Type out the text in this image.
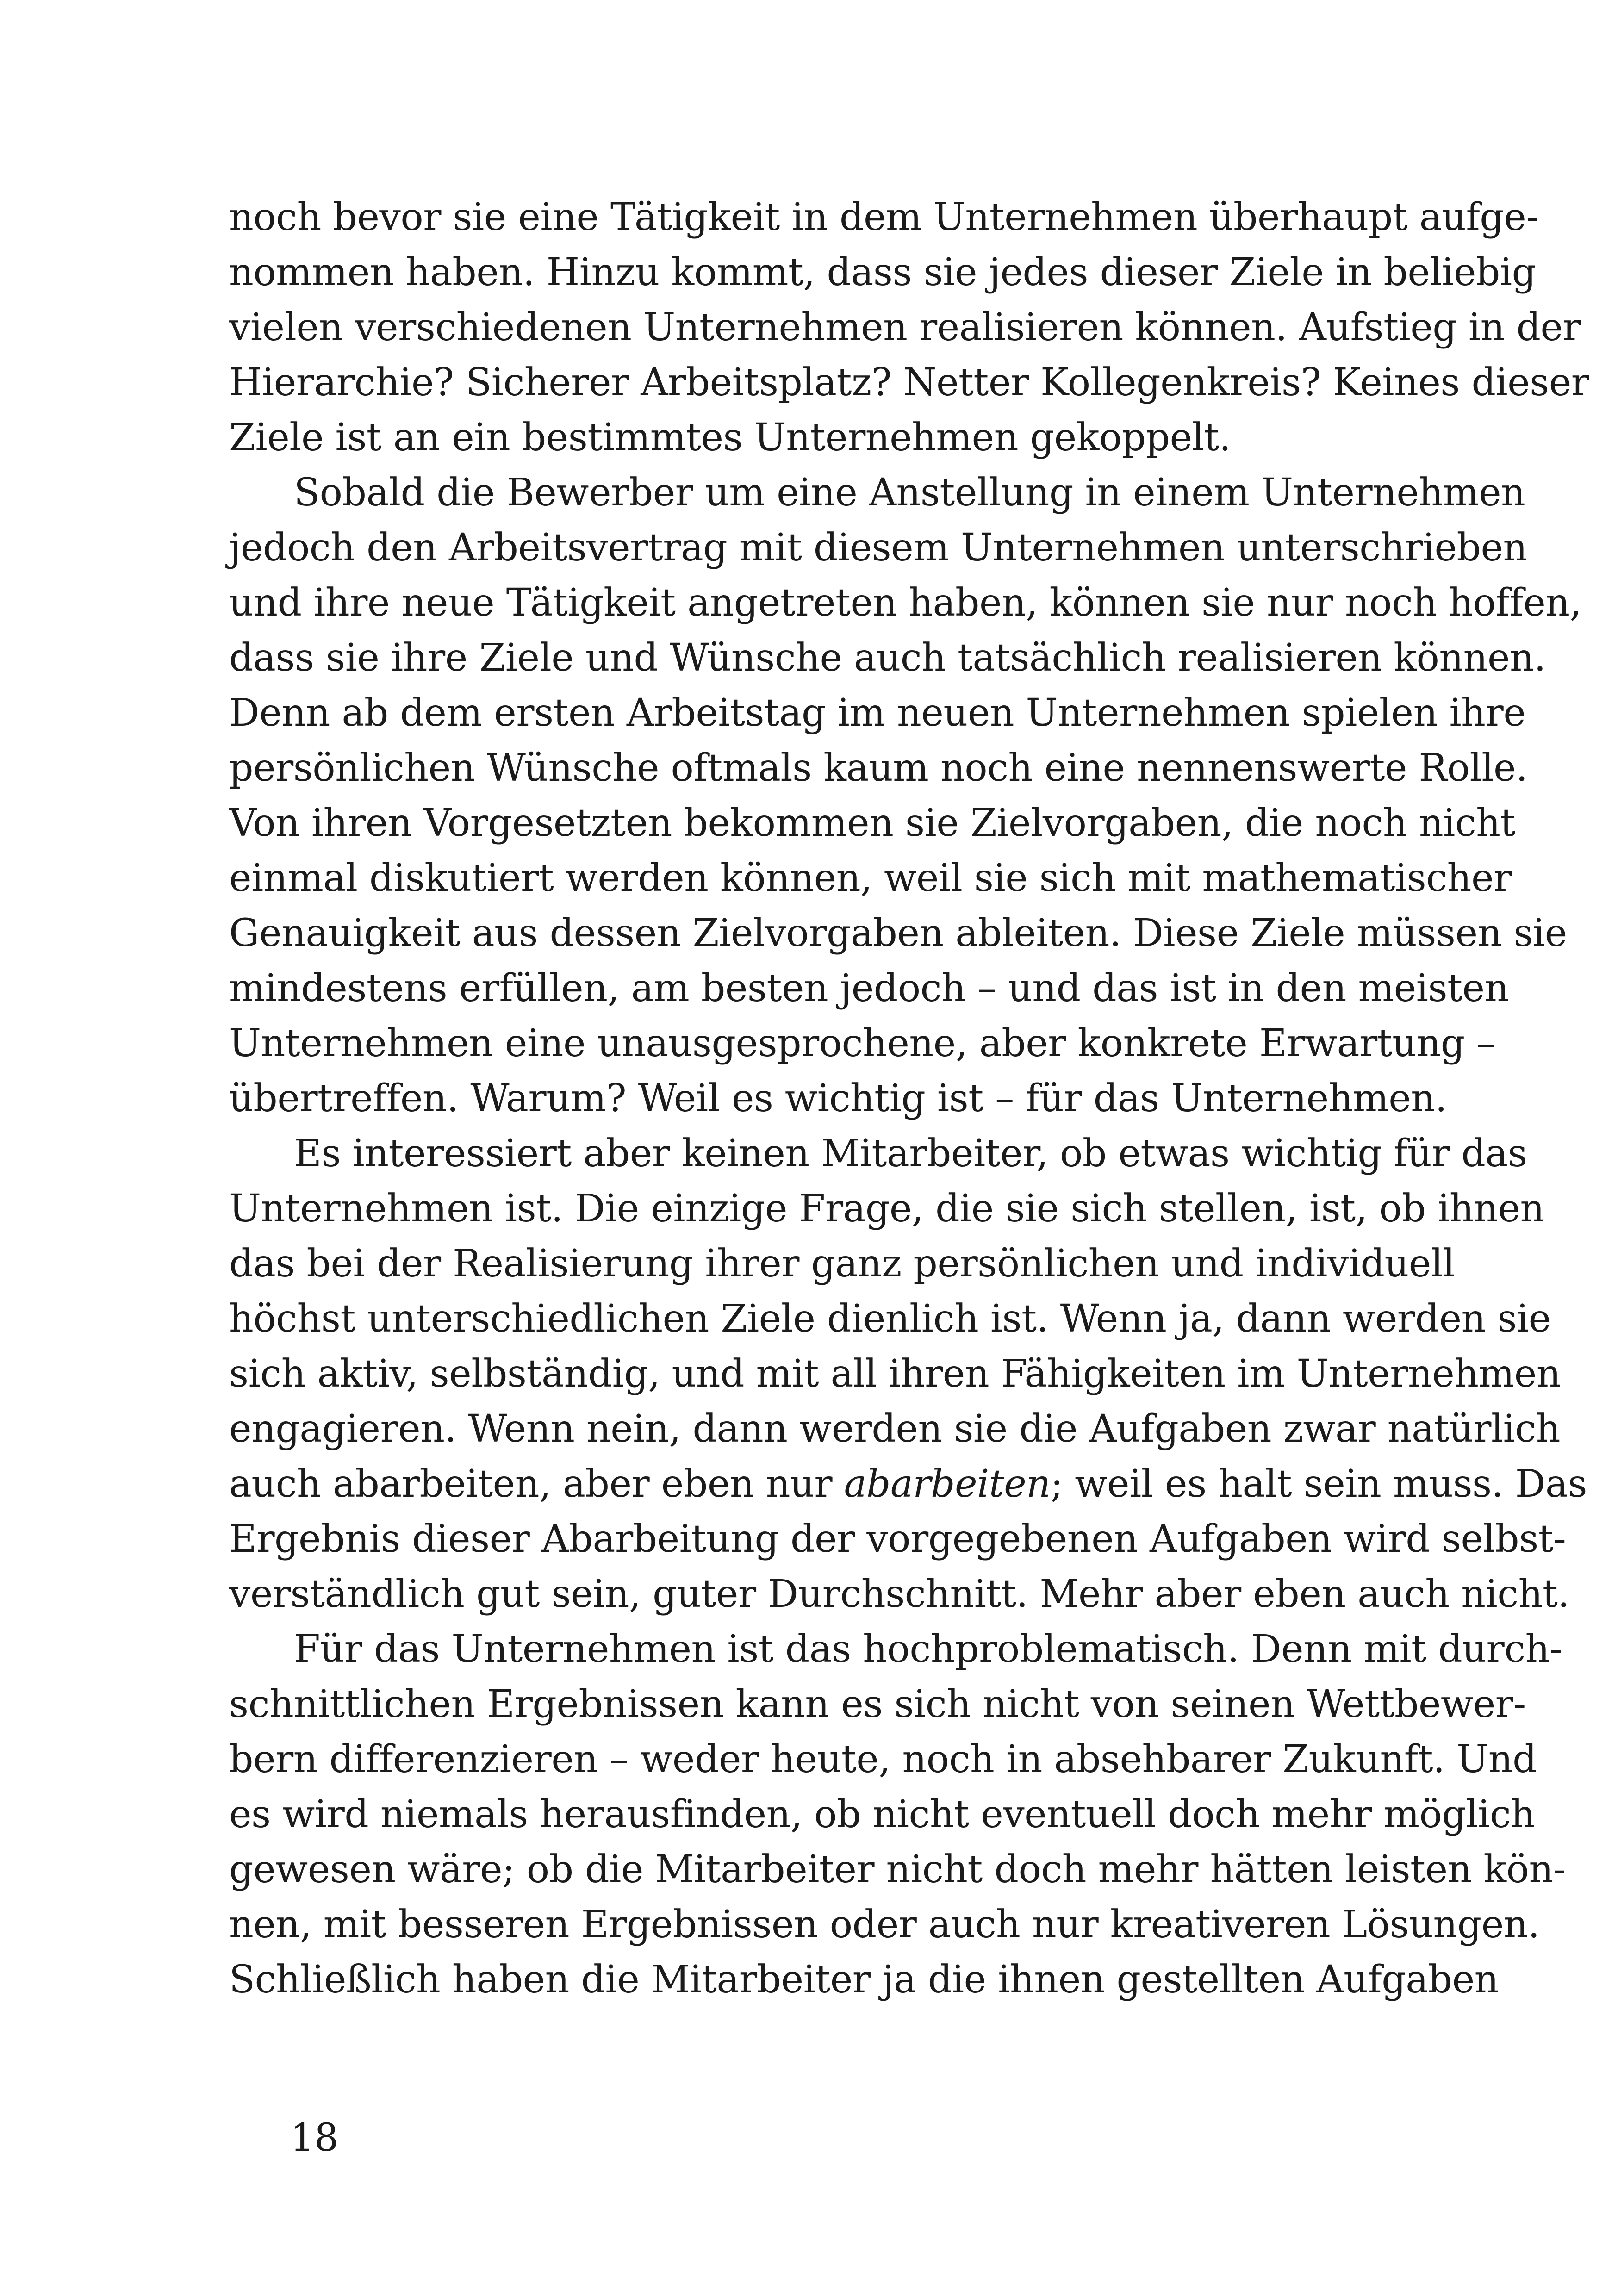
noch bevor sie eine Tätigkeit in dem Unternehmen überhaupt aufge-
nommen haben. Hinzu kommt, dass sie jedes dieser Ziele in beliebig
vielen verschiedenen Unternehmen realisieren können. Aufstieg in der
Hierarchie? Sicherer Arbeitsplatz? Netter Kollegenkreis? Keines dieser
Ziele ist an ein bestimmtes Unternehmen gekoppelt.
Sobald die Bewerber um eine Anstellung in einem Unternehmen
jedoch den Arbeitsvertrag mit diesem Unternehmen unterschrieben
und ihre neue Tätigkeit angetreten haben, können sie nur noch hoffen,
dass sie ihre Ziele und Wünsche auch tatsächlich realisieren können.
Denn ab dem ersten Arbeitstag im neuen Unternehmen spielen ihre
persönlichen Wünsche oftmals kaum noch eine nennenswerte Rolle.
Von ihren Vorgesetzten bekommen sie Zielvorgaben, die noch nicht
einmal diskutiert werden können, weil sie sich mit mathematischer
Genauigkeit aus dessen Zielvorgaben ableiten. Diese Ziele müssen sie
mindestens erfüllen, am besten jedoch – und das ist in den meisten
Unternehmen eine unausgesprochene, aber konkrete Erwartung –
übertreffen. Warum? Weil es wichtig ist – für das Unternehmen.
Es interessiert aber keinen Mitarbeiter, ob etwas wichtig für das
Unternehmen ist. Die einzige Frage, die sie sich stellen, ist, ob ihnen
das bei der Realisierung ihrer ganz persönlichen und individuell
höchst unterschiedlichen Ziele dienlich ist. Wenn ja, dann werden sie
sich aktiv, selbständig, und mit all ihren Fähigkeiten im Unternehmen
engagieren. Wenn nein, dann werden sie die Aufgaben zwar natürlich
auch abarbeiten, aber eben nur abarbeiten; weil es halt sein muss. Das
Ergebnis dieser Abarbeitung der vorgegebenen Aufgaben wird selbst-
verständlich gut sein, guter Durchschnitt. Mehr aber eben auch nicht.
Für das Unternehmen ist das hochproblematisch. Denn mit durch-
schnittlichen Ergebnissen kann es sich nicht von seinen Wettbewer-
bern differenzieren – weder heute, noch in absehbarer Zukunft. Und
es wird niemals herausfinden, ob nicht eventuell doch mehr möglich
gewesen wäre; ob die Mitarbeiter nicht doch mehr hätten leisten kön-
nen, mit besseren Ergebnissen oder auch nur kreativeren Lösungen.
Schließlich haben die Mitarbeiter ja die ihnen gestellten Aufgaben
18
